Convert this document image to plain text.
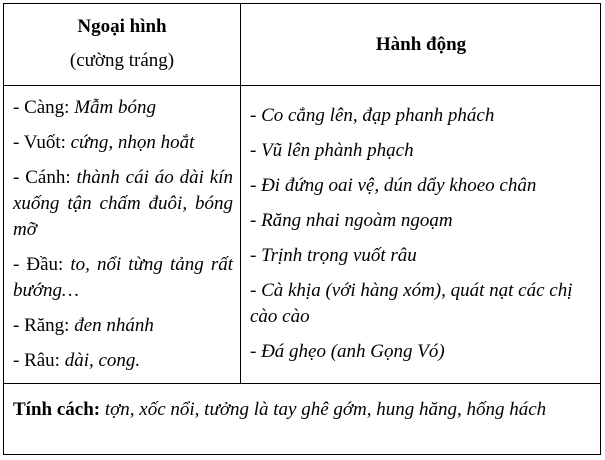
Ngoại hình
(cường tráng)
Hành động
- Càng: Mẫm bóng
- Vuốt: cứng, nhọn hoắt
- Cánh: thành cái áo dài kín xuống tận chấm đuôi, bóng mỡ
- Đầu: to, nổi từng tảng rất bướng…
- Răng: đen nhánh
- Râu: dài, cong.
- Co cẳng lên, đạp phanh phách
- Vũ lên phành phạch
- Đi đứng oai vệ, dún dẩy khoeo chân
- Răng nhai ngoàm ngoạm
- Trịnh trọng vuốt râu
- Cà khịa (với hàng xóm), quát nạt các chị cào cào
- Đá ghẹo (anh Gọng Vó)
Tính cách: tợn, xốc nổi, tưởng là tay ghê gớm, hung hăng, hống hách
